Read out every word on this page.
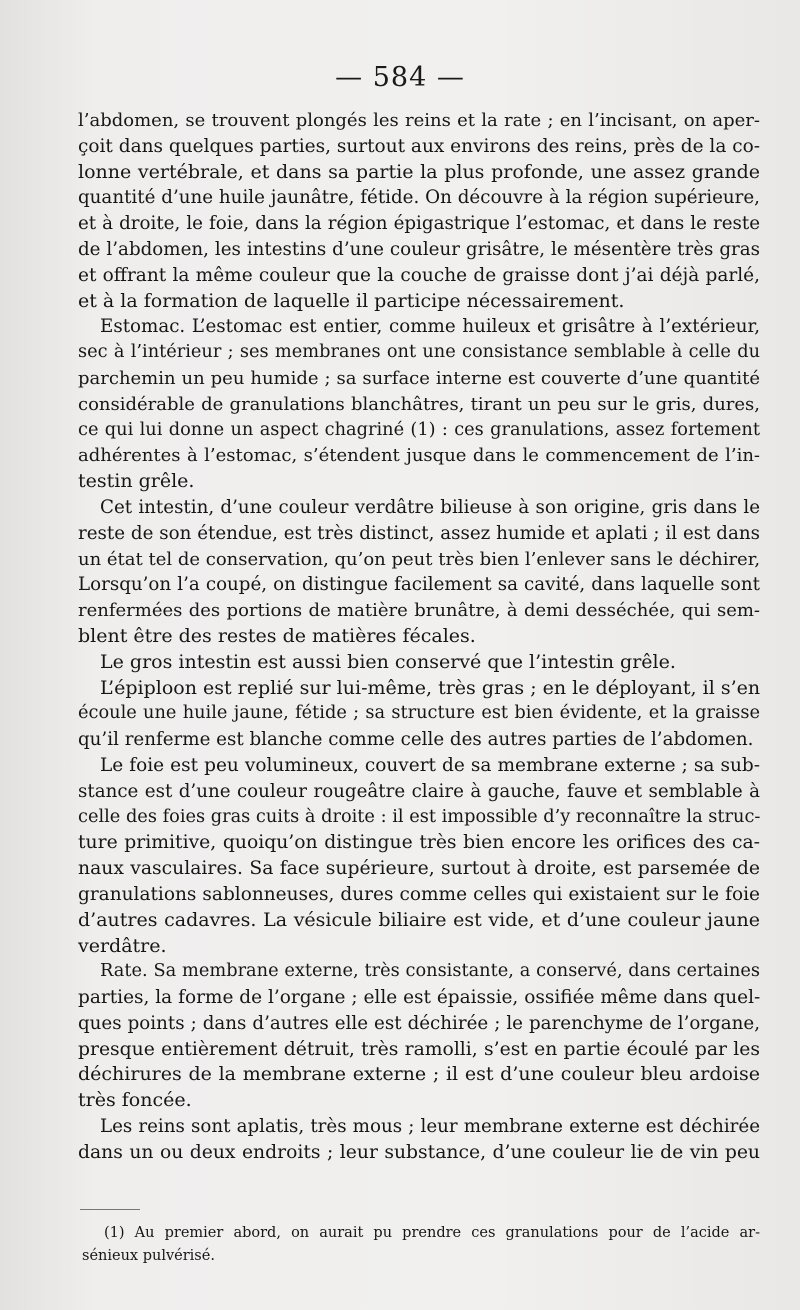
— 584 —
l’abdomen, se trouvent plongés les reins et la rate ; en l’incisant, on aper-
çoit dans quelques parties, surtout aux environs des reins, près de la co-
lonne vertébrale, et dans sa partie la plus profonde, une assez grande
quantité d’une huile jaunâtre, fétide. On découvre à la région supérieure,
et à droite, le foie, dans la région épigastrique l’estomac, et dans le reste
de l’abdomen, les intestins d’une couleur grisâtre, le mésentère très gras
et offrant la même couleur que la couche de graisse dont j’ai déjà parlé,
et à la formation de laquelle il participe nécessairement.
Estomac. L’estomac est entier, comme huileux et grisâtre à l’extérieur,
sec à l’intérieur ; ses membranes ont une consistance semblable à celle du
parchemin un peu humide ; sa surface interne est couverte d’une quantité
considérable de granulations blanchâtres, tirant un peu sur le gris, dures,
ce qui lui donne un aspect chagriné (1) : ces granulations, assez fortement
adhérentes à l’estomac, s’étendent jusque dans le commencement de l’in-
testin grêle.
Cet intestin, d’une couleur verdâtre bilieuse à son origine, gris dans le
reste de son étendue, est très distinct, assez humide et aplati ; il est dans
un état tel de conservation, qu’on peut très bien l’enlever sans le déchirer,
Lorsqu’on l’a coupé, on distingue facilement sa cavité, dans laquelle sont
renfermées des portions de matière brunâtre, à demi desséchée, qui sem-
blent être des restes de matières fécales.
Le gros intestin est aussi bien conservé que l’intestin grêle.
L’épiploon est replié sur lui-même, très gras ; en le déployant, il s’en
écoule une huile jaune, fétide ; sa structure est bien évidente, et la graisse
qu’il renferme est blanche comme celle des autres parties de l’abdomen.
Le foie est peu volumineux, couvert de sa membrane externe ; sa sub-
stance est d’une couleur rougeâtre claire à gauche, fauve et semblable à
celle des foies gras cuits à droite : il est impossible d’y reconnaître la struc-
ture primitive, quoiqu’on distingue très bien encore les orifices des ca-
naux vasculaires. Sa face supérieure, surtout à droite, est parsemée de
granulations sablonneuses, dures comme celles qui existaient sur le foie
d’autres cadavres. La vésicule biliaire est vide, et d’une couleur jaune
verdâtre.
Rate. Sa membrane externe, très consistante, a conservé, dans certaines
parties, la forme de l’organe ; elle est épaissie, ossifiée même dans quel-
ques points ; dans d’autres elle est déchirée ; le parenchyme de l’organe,
presque entièrement détruit, très ramolli, s’est en partie écoulé par les
déchirures de la membrane externe ; il est d’une couleur bleu ardoise
très foncée.
Les reins sont aplatis, très mous ; leur membrane externe est déchirée
dans un ou deux endroits ; leur substance, d’une couleur lie de vin peu
(1) Au premier abord, on aurait pu prendre ces granulations pour de l’acide ar-
sénieux pulvérisé.
